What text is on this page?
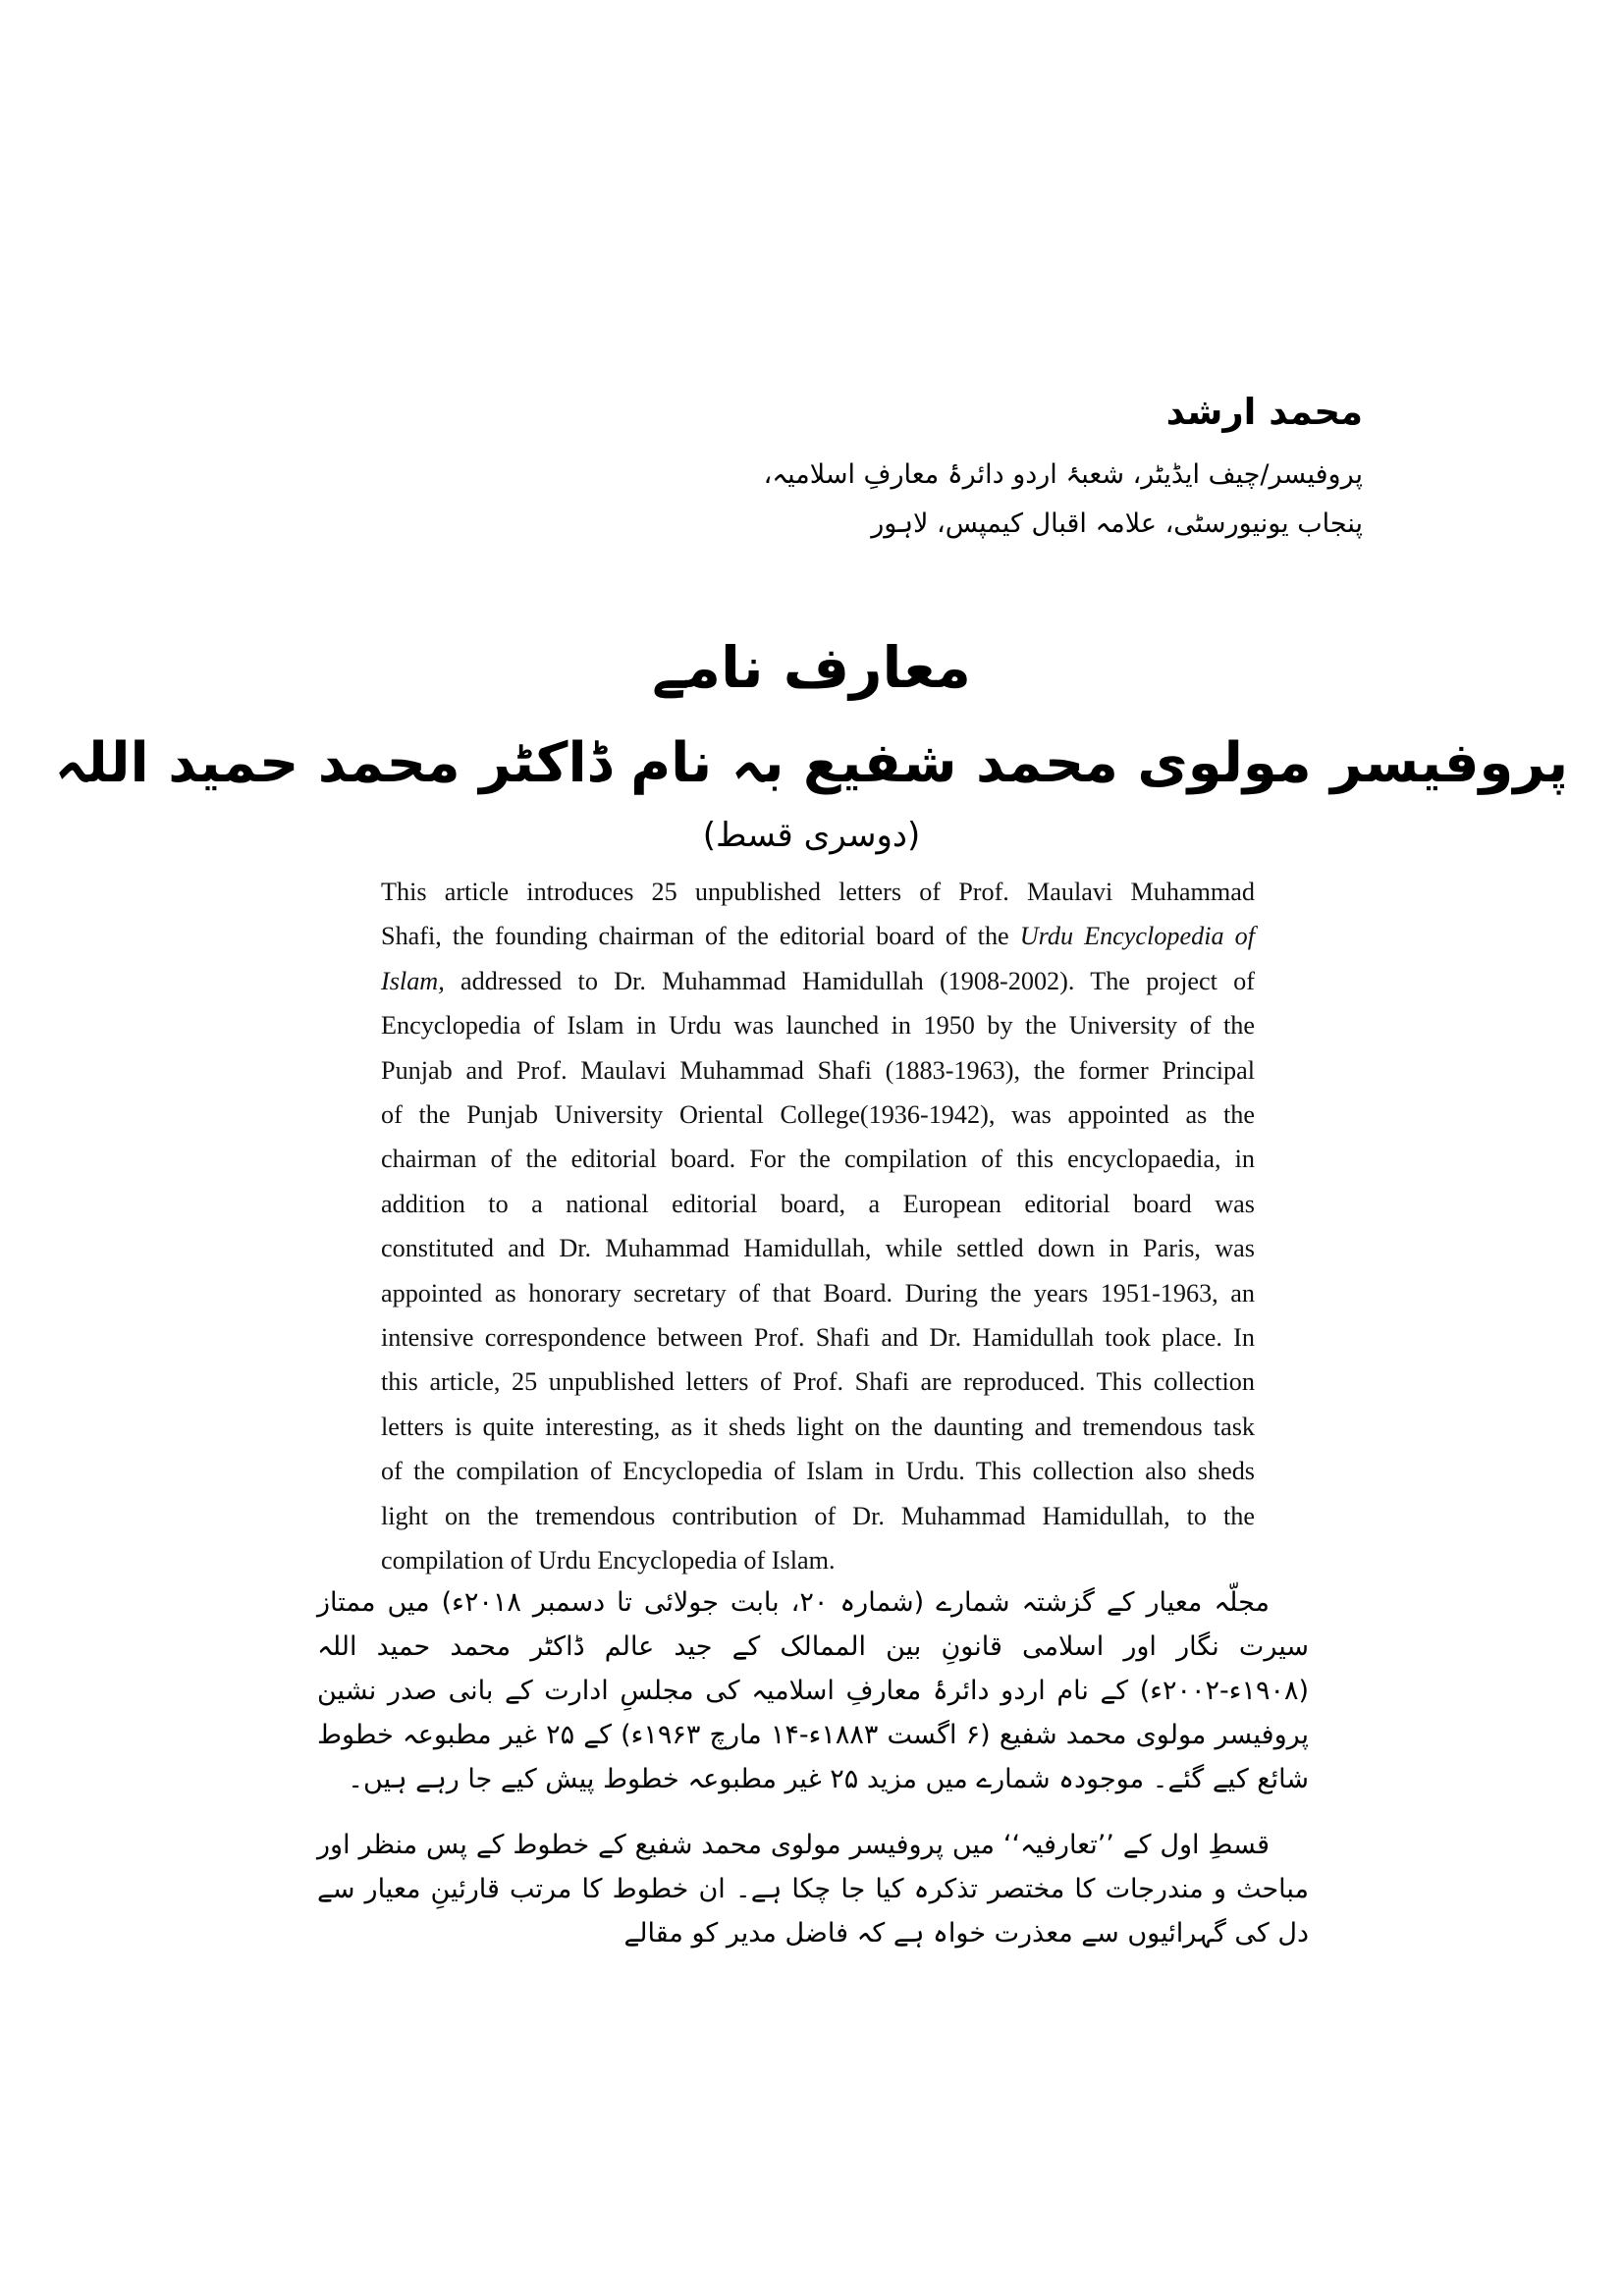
محمد ارشد

پروفیسر/چیف ایڈیٹر، شعبۂ اردو دائرۂ معارفِ اسلامیہ،

پنجاب یونیورسٹی، علامہ اقبال کیمپس، لاہور

معارف نامے

پروفیسر مولوی محمد شفیع بہ نام ڈاکٹر محمد حمید اللہ

(دوسری قسط)

This article introduces 25 unpublished letters of Prof. Maulavi Muhammad
Shafi, the founding chairman of the editorial board of the Urdu Encyclopedia of
Islam, addressed to Dr. Muhammad Hamidullah (1908-2002). The project of
Encyclopedia of Islam in Urdu was launched in 1950 by the University of the
Punjab and Prof. Maulavi Muhammad Shafi (1883-1963), the former Principal
of the Punjab University Oriental College(1936-1942), was appointed as the
chairman of the editorial board. For the compilation of this encyclopaedia, in
addition to a national editorial board, a European editorial board was
constituted and Dr. Muhammad Hamidullah, while settled down in Paris, was
appointed as honorary secretary of that Board. During the years 1951-1963, an
intensive correspondence between Prof. Shafi and Dr. Hamidullah took place. In
this article, 25 unpublished letters of Prof. Shafi are reproduced. This collection
letters is quite interesting, as it sheds light on the daunting and tremendous task
of the compilation of Encyclopedia of Islam in Urdu. This collection also sheds
light on the tremendous contribution of Dr. Muhammad Hamidullah, to the
compilation of Urdu Encyclopedia of Islam.

مجلّہ معیار کے گزشتہ شمارے (شمارہ ۲۰، بابت جولائی تا دسمبر ۲۰۱۸ء) میں ممتاز سیرت نگار اور اسلامی قانونِ بین الممالک کے جید عالم ڈاکٹر محمد حمید اللہ (۱۹۰۸ء-۲۰۰۲ء) کے نام اردو دائرۂ معارفِ اسلامیہ کی مجلسِ ادارت کے بانی صدر نشین پروفیسر مولوی محمد شفیع (۶ اگست ۱۸۸۳ء-۱۴ مارچ ۱۹۶۳ء) کے ۲۵ غیر مطبوعہ خطوط شائع کیے گئے۔ موجودہ شمارے میں مزید ۲۵ غیر مطبوعہ خطوط پیش کیے جا رہے ہیں۔

قسطِ اول کے ’’تعارفیہ‘‘ میں پروفیسر مولوی محمد شفیع کے خطوط کے پس منظر اور مباحث و مندرجات کا مختصر تذکرہ کیا جا چکا ہے۔ ان خطوط کا مرتب قارئینِ معیار سے دل کی گہرائیوں سے معذرت خواہ ہے کہ فاضل مدیر کو مقالے
